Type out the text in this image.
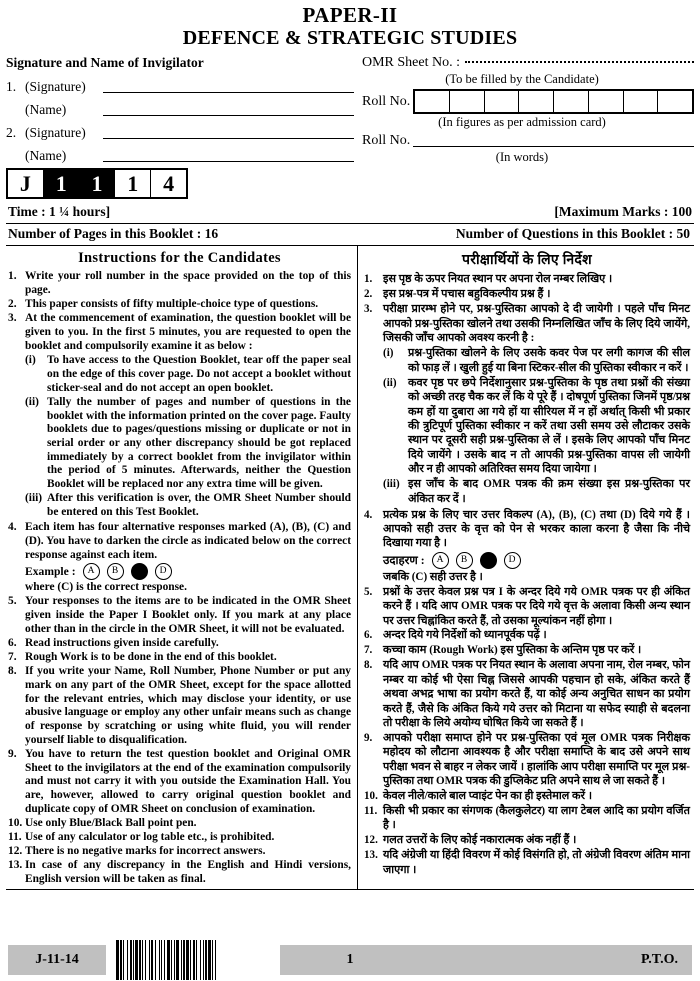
PAPER-II
DEFENCE & STRATEGIC STUDIES
Signature and Name of Invigilator
1. (Signature)
(Name)
2. (Signature)
(Name)
J	1	1	1	4
OMR Sheet No. :
(To be filled by the Candidate)
Roll No.
(In figures as per admission card)
Roll No.
(In words)
Time : 1 ¼ hours]	[Maximum Marks : 100
Number of Pages in this Booklet : 16	Number of Questions in this Booklet : 50
Instructions for the Candidates
1. Write your roll number in the space provided on the top of this page.
2. This paper consists of fifty multiple-choice type of questions.
3. At the commencement of examination, the question booklet will be given to you. In the first 5 minutes, you are requested to open the booklet and compulsorily examine it as below :
(i) To have access to the Question Booklet, tear off the paper seal on the edge of this cover page. Do not accept a booklet without sticker-seal and do not accept an open booklet.
(ii) Tally the number of pages and number of questions in the booklet with the information printed on the cover page. Faulty booklets due to pages/questions missing or duplicate or not in serial order or any other discrepancy should be got replaced immediately by a correct booklet from the invigilator within the period of 5 minutes. Afterwards, neither the Question Booklet will be replaced nor any extra time will be given.
(iii) After this verification is over, the OMR Sheet Number should be entered on this Test Booklet.
4. Each item has four alternative responses marked (A), (B), (C) and (D). You have to darken the circle as indicated below on the correct response against each item.
Example :	A	B	D
where (C) is the correct response.
5. Your responses to the items are to be indicated in the OMR Sheet given inside the Paper I Booklet only. If you mark at any place other than in the circle in the OMR Sheet, it will not be evaluated.
6. Read instructions given inside carefully.
7. Rough Work is to be done in the end of this booklet.
8. If you write your Name, Roll Number, Phone Number or put any mark on any part of the OMR Sheet, except for the space allotted for the relevant entries, which may disclose your identity, or use abusive language or employ any other unfair means such as change of response by scratching or using white fluid, you will render yourself liable to disqualification.
9. You have to return the test question booklet and Original OMR Sheet to the invigilators at the end of the examination compulsorily and must not carry it with you outside the Examination Hall. You are, however, allowed to carry original question booklet and duplicate copy of OMR Sheet on conclusion of examination.
10. Use only Blue/Black Ball point pen.
11. Use of any calculator or log table etc., is prohibited.
12. There is no negative marks for incorrect answers.
13. In case of any discrepancy in the English and Hindi versions, English version will be taken as final.
परीक्षार्थियों के लिए निर्देश
1. इस पृष्ठ के ऊपर नियत स्थान पर अपना रोल नम्बर लिखिए ।
2. इस प्रश्न-पत्र में पचास बहुविकल्पीय प्रश्न हैं ।
3. परीक्षा प्रारम्भ होने पर, प्रश्न-पुस्तिका आपको दे दी जायेगी । पहले पाँच मिनट आपको प्रश्न-पुस्तिका खोलने तथा उसकी निम्नलिखित जाँच के लिए दिये जायेंगे, जिसकी जाँच आपको अवश्य करनी है :
(i)	प्रश्न-पुस्तिका खोलने के लिए उसके कवर पेज पर लगी कागज की सील को फाड़ लें । खुली हुई या बिना स्टिकर-सील की पुस्तिका स्वीकार न करें ।
(ii)	कवर पृष्ठ पर छपे निर्देशानुसार प्रश्न-पुस्तिका के पृष्ठ तथा प्रश्नों की संख्या को अच्छी तरह चैक कर लें कि ये पूरे हैं । दोषपूर्ण पुस्तिका जिनमें पृष्ठ/प्रश्न कम हों या दुबारा आ गये हों या सीरियल में न हों अर्थात् किसी भी प्रकार की त्रुटिपूर्ण पुस्तिका स्वीकार न करें तथा उसी समय उसे लौटाकर उसके स्थान पर दूसरी सही प्रश्न-पुस्तिका ले लें । इसके लिए आपको पाँच मिनट दिये जायेंगे । उसके बाद न तो आपकी प्रश्न-पुस्तिका वापस ली जायेगी और न ही आपको अतिरिक्त समय दिया जायेगा ।
(iii) इस जाँच के बाद OMR पत्रक की क्रम संख्या इस प्रश्न-पुस्तिका पर अंकित कर दें ।
4. प्रत्येक प्रश्न के लिए चार उत्तर विकल्प (A), (B), (C) तथा (D) दिये गये हैं । आपको सही उत्तर के वृत्त को पेन से भरकर काला करना है जैसा कि नीचे दिखाया गया है ।
उदाहरण :	A	B	D
जबकि (C) सही उत्तर है ।
5. प्रश्नों के उत्तर केवल प्रश्न पत्र I के अन्दर दिये गये OMR पत्रक पर ही अंकित करने हैं । यदि आप OMR पत्रक पर दिये गये वृत्त के अलावा किसी अन्य स्थान पर उत्तर चिह्नांकित करते हैं, तो उसका मूल्यांकन नहीं होगा ।
6. अन्दर दिये गये निर्देशों को ध्यानपूर्वक पढ़ें ।
7. कच्चा काम (Rough Work) इस पुस्तिका के अन्तिम पृष्ठ पर करें ।
8. यदि आप OMR पत्रक पर नियत स्थान के अलावा अपना नाम, रोल नम्बर, फोन नम्बर या कोई भी ऐसा चिह्न जिससे आपकी पहचान हो सके, अंकित करते हैं अथवा अभद्र भाषा का प्रयोग करते हैं, या कोई अन्य अनुचित साधन का प्रयोग करते हैं, जैसे कि अंकित किये गये उत्तर को मिटाना या सफेद स्याही से बदलना तो परीक्षा के लिये अयोग्य घोषित किये जा सकते हैं ।
9. आपको परीक्षा समाप्त होने पर प्रश्न-पुस्तिका एवं मूल OMR पत्रक निरीक्षक महोदय को लौटाना आवश्यक है और परीक्षा समाप्ति के बाद उसे अपने साथ परीक्षा भवन से बाहर न लेकर जायें । हालांकि आप परीक्षा समाप्ति पर मूल प्रश्न-पुस्तिका तथा OMR पत्रक की डुप्लिकेट प्रति अपने साथ ले जा सकते हैं ।
10. केवल नीले/काले बाल प्वाइंट पेन का ही इस्तेमाल करें ।
11. किसी भी प्रकार का संगणक (कैलकुलेटर) या लाग टेबल आदि का प्रयोग वर्जित है ।
12. गलत उत्तरों के लिए कोई नकारात्मक अंक नहीं हैं ।
13. यदि अंग्रेजी या हिंदी विवरण में कोई विसंगति हो, तो अंग्रेजी विवरण अंतिम माना जाएगा ।
J-11-14	1	P.T.O.
